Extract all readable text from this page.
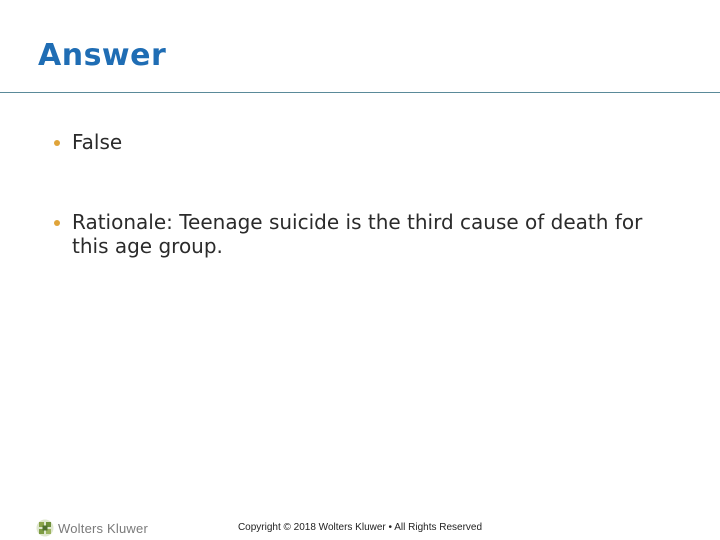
Answer
False
Rationale: Teenage suicide is the third cause of death for this age group.
Wolters Kluwer	Copyright © 2018 Wolters Kluwer • All Rights Reserved
